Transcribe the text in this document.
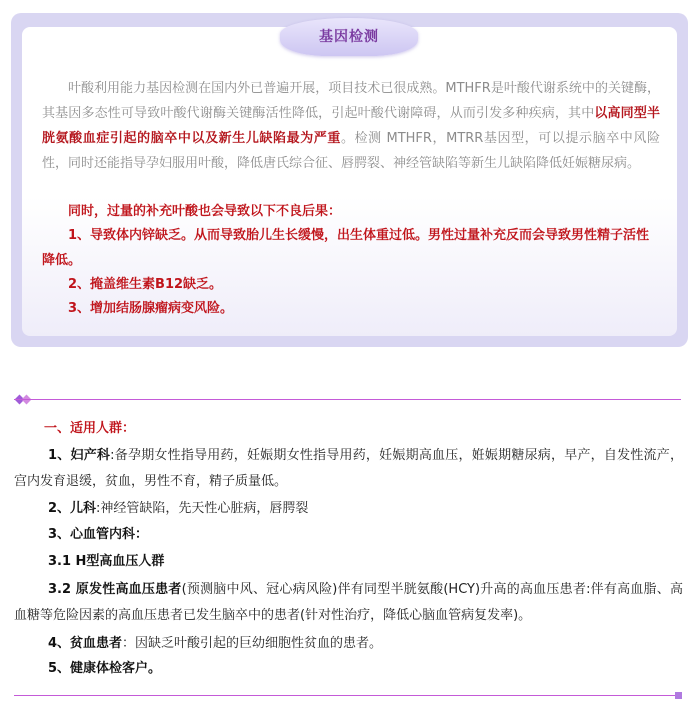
基因检测

叶酸利用能力基因检测在国内外已普遍开展，项目技术已很成熟。MTHFR是叶酸代谢系统中的关键酶，其基因多态性可导致叶酸代谢酶关键酶活性降低，引起叶酸代谢障碍，从而引发多种疾病，其中以高同型半胱氨酸血症引起的脑卒中以及新生儿缺陷最为严重。检测 MTHFR，MTRR基因型，可以提示脑卒中风险性，同时还能指导孕妇服用叶酸，降低唐氏综合征、唇腭裂、神经管缺陷等新生儿缺陷降低妊娠糖尿病。

同时，过量的补充叶酸也会导致以下不良后果：

1、导致体内锌缺乏。从而导致胎儿生长缓慢，出生体重过低。男性过量补充反而会导致男性精子活性降低。

2、掩盖维生素B12缺乏。

3、增加结肠腺瘤病变风险。

一、适用人群：

1、妇产科:备孕期女性指导用药，妊娠期女性指导用药，妊娠期高血压，姙娠期糖尿病，早产，自发性流产，宫内发育退缓，贫血，男性不育，精子质量低。

2、儿科:神经管缺陷，先天性心脏病，唇腭裂

3、心血管内科：

3.1 H型高血压人群

3.2 原发性高血压患者(预测脑中风、冠心病风险)伴有同型半胱氨酸(HCY)升高的高血压患者:伴有高血脂、高血糖等危险因素的高血压患者已发生脑卒中的患者(针对性治疗，降低心脑血管病复发率)。

4、贫血患者：因缺乏叶酸引起的巨幼细胞性贫血的患者。

5、健康体检客户。
